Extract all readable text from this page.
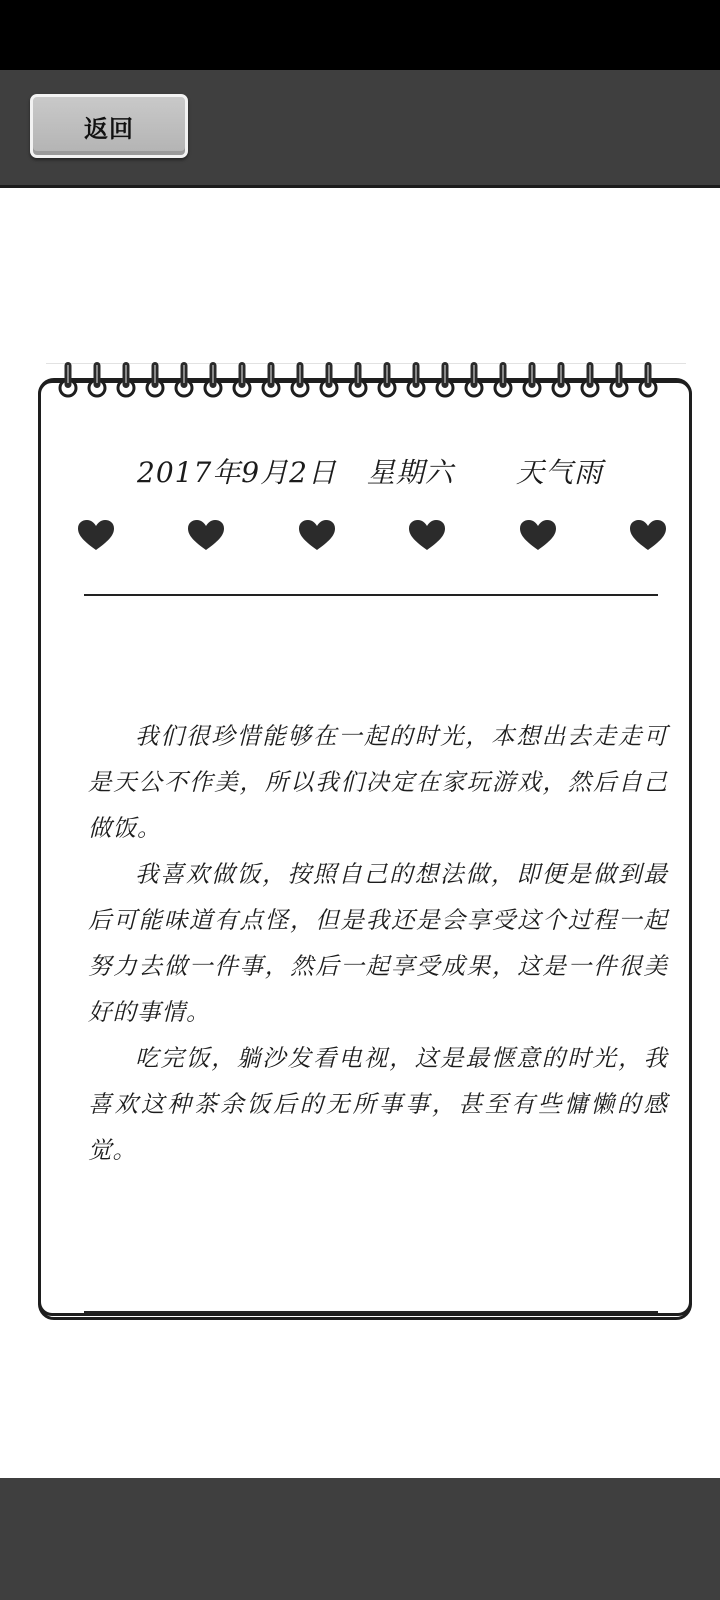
返回
2017年9月2日 星期六 天气雨

我们很珍惜能够在一起的时光，本想出去走走可是天公不作美，所以我们决定在家玩游戏，然后自己做饭。

我喜欢做饭，按照自己的想法做，即便是做到最后可能味道有点怪，但是我还是会享受这个过程一起努力去做一件事，然后一起享受成果，这是一件很美好的事情。

吃完饭，躺沙发看电视，这是最惬意的时光，我喜欢这种茶余饭后的无所事事，甚至有些慵懒的感觉。
